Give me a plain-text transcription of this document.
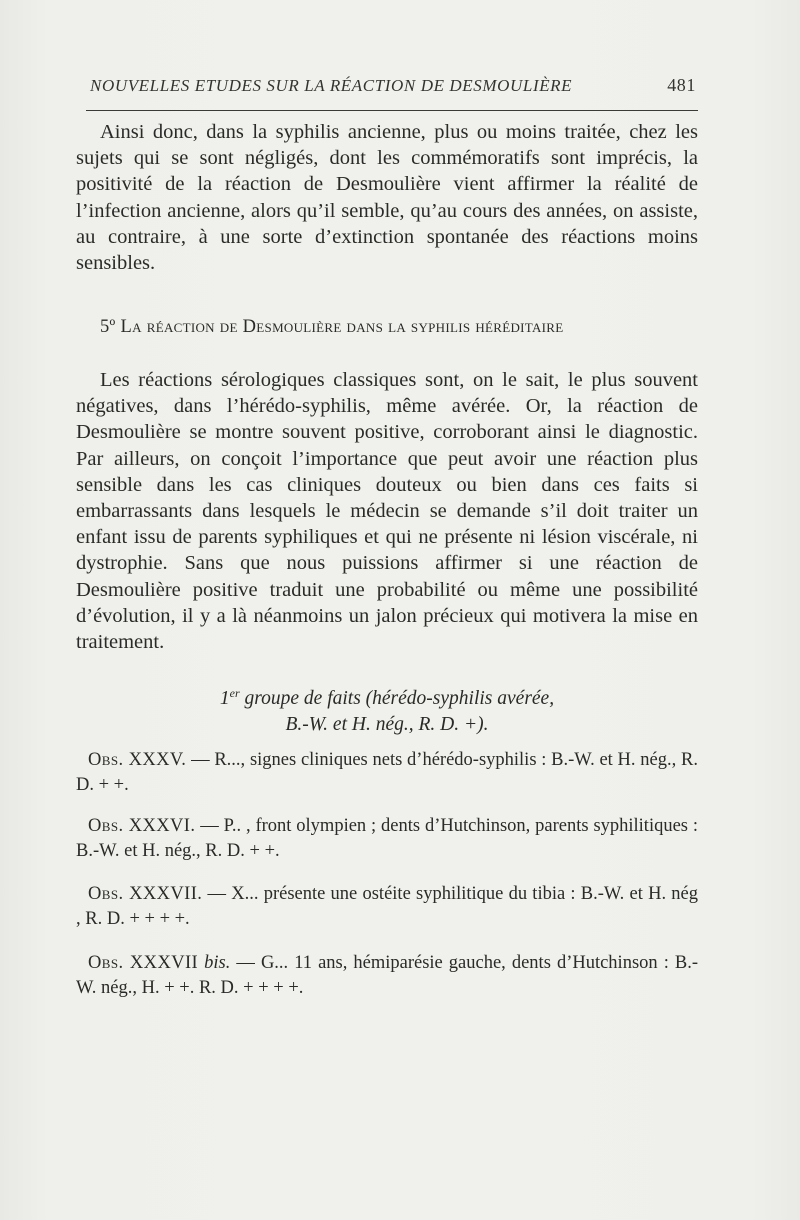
NOUVELLES ETUDES SUR LA RÉACTION DE DESMOULIÈRE	481

Ainsi donc, dans la syphilis ancienne, plus ou moins traitée, chez les sujets qui se sont négligés, dont les commémoratifs sont imprécis, la positivité de la réaction de Desmoulière vient affirmer la réalité de l’infection ancienne, alors qu’il semble, qu’au cours des années, on assiste, au contraire, à une sorte d’extinction spontanée des réactions moins sensibles.

5º La réaction de Desmoulière dans la syphilis héréditaire

Les réactions sérologiques classiques sont, on le sait, le plus souvent négatives, dans l’hérédo-syphilis, même avérée. Or, la réaction de Desmoulière se montre souvent positive, corroborant ainsi le diagnostic. Par ailleurs, on conçoit l’importance que peut avoir une réaction plus sensible dans les cas cliniques douteux ou bien dans ces faits si embarrassants dans lesquels le médecin se demande s’il doit traiter un enfant issu de parents syphiliques et qui ne présente ni lésion viscérale, ni dystrophie. Sans que nous puissions affirmer si une réaction de Desmoulière positive traduit une probabilité ou même une possibilité d’évolution, il y a là néanmoins un jalon précieux qui motivera la mise en traitement.

1er groupe de faits (hérédo-syphilis avérée,
B.-W. et H. nég., R. D. +).

Obs. XXXV. — R..., signes cliniques nets d’hérédo-syphilis : B.-W. et H. nég., R. D. + +.

Obs. XXXVI. — P.. , front olympien ; dents d’Hutchinson, parents syphilitiques : B.-W. et H. nég., R. D. + +.

Obs. XXXVII. — X... présente une ostéite syphilitique du tibia : B.-W. et H. nég , R. D. + + + +.

Obs. XXXVII bis. — G... 11 ans, hémiparésie gauche, dents d’Hutchinson : B.-W. nég., H. + +. R. D. + + + +.
